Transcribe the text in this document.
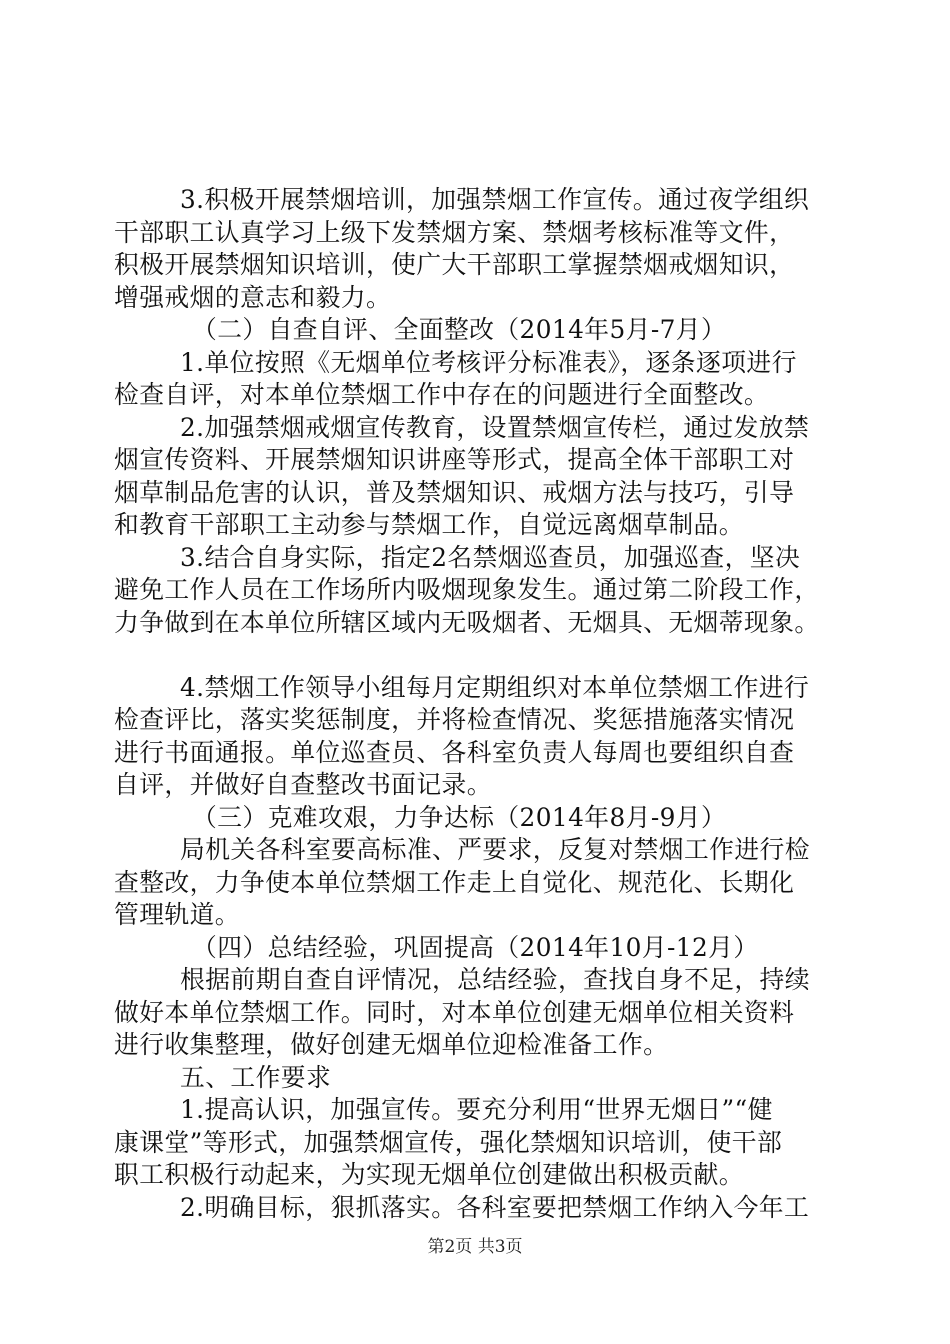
3.积极开展禁烟培训，加强禁烟工作宣传。通过夜学组织
干部职工认真学习上级下发禁烟方案、禁烟考核标准等文件，
积极开展禁烟知识培训，使广大干部职工掌握禁烟戒烟知识，
增强戒烟的意志和毅力。
（二）自查自评、全面整改（2014年5月-7月）
1.单位按照《无烟单位考核评分标准表》，逐条逐项进行
检查自评，对本单位禁烟工作中存在的问题进行全面整改。
2.加强禁烟戒烟宣传教育，设置禁烟宣传栏，通过发放禁
烟宣传资料、开展禁烟知识讲座等形式，提高全体干部职工对
烟草制品危害的认识，普及禁烟知识、戒烟方法与技巧，引导
和教育干部职工主动参与禁烟工作，自觉远离烟草制品。
3.结合自身实际，指定2名禁烟巡查员，加强巡查，坚决
避免工作人员在工作场所内吸烟现象发生。通过第二阶段工作，
力争做到在本单位所辖区域内无吸烟者、无烟具、无烟蒂现象。
4.禁烟工作领导小组每月定期组织对本单位禁烟工作进行
检查评比，落实奖惩制度，并将检查情况、奖惩措施落实情况
进行书面通报。单位巡查员、各科室负责人每周也要组织自查
自评，并做好自查整改书面记录。
（三）克难攻艰，力争达标（2014年8月-9月）
局机关各科室要高标准、严要求，反复对禁烟工作进行检
查整改，力争使本单位禁烟工作走上自觉化、规范化、长期化
管理轨道。
（四）总结经验，巩固提高（2014年10月-12月）
根据前期自查自评情况，总结经验，查找自身不足，持续
做好本单位禁烟工作。同时，对本单位创建无烟单位相关资料
进行收集整理，做好创建无烟单位迎检准备工作。
五、工作要求
1.提高认识，加强宣传。要充分利用“世界无烟日”“健
康课堂”等形式，加强禁烟宣传，强化禁烟知识培训，使干部
职工积极行动起来，为实现无烟单位创建做出积极贡献。
2.明确目标，狠抓落实。各科室要把禁烟工作纳入今年工
第2页 共3页
